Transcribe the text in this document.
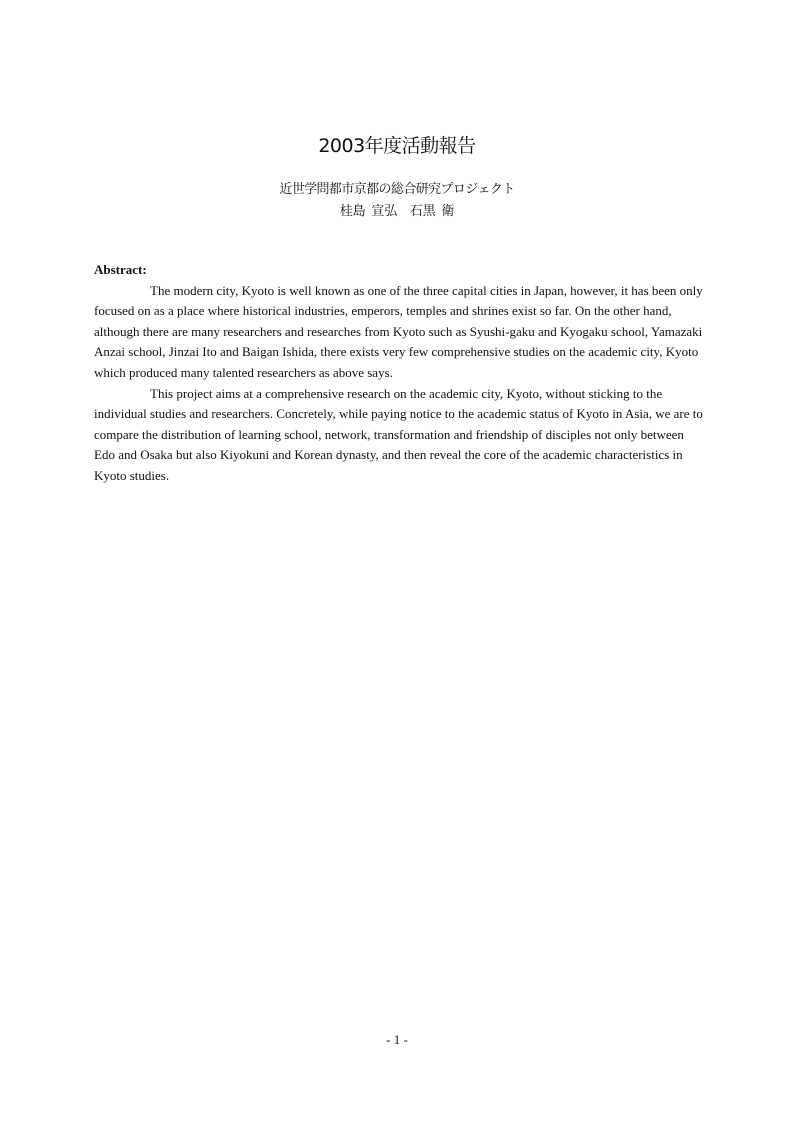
2003年度活動報告
近世学問都市京都の総合研究プロジェクト
桂島 宣弘　石黒 衛
Abstract:

The modern city, Kyoto is well known as one of the three capital cities in Japan, however, it has been only focused on as a place where historical industries, emperors, temples and shrines exist so far. On the other hand, although there are many researchers and researches from Kyoto such as Syushi-gaku and Kyogaku school, Yamazaki Anzai school, Jinzai Ito and Baigan Ishida, there exists very few comprehensive studies on the academic city, Kyoto which produced many talented researchers as above says.

This project aims at a comprehensive research on the academic city, Kyoto, without sticking to the individual studies and researchers. Concretely, while paying notice to the academic status of Kyoto in Asia, we are to compare the distribution of learning school, network, transformation and friendship of disciples not only between Edo and Osaka but also Kiyokuni and Korean dynasty, and then reveal the core of the academic characteristics in Kyoto studies.

- 1 -
